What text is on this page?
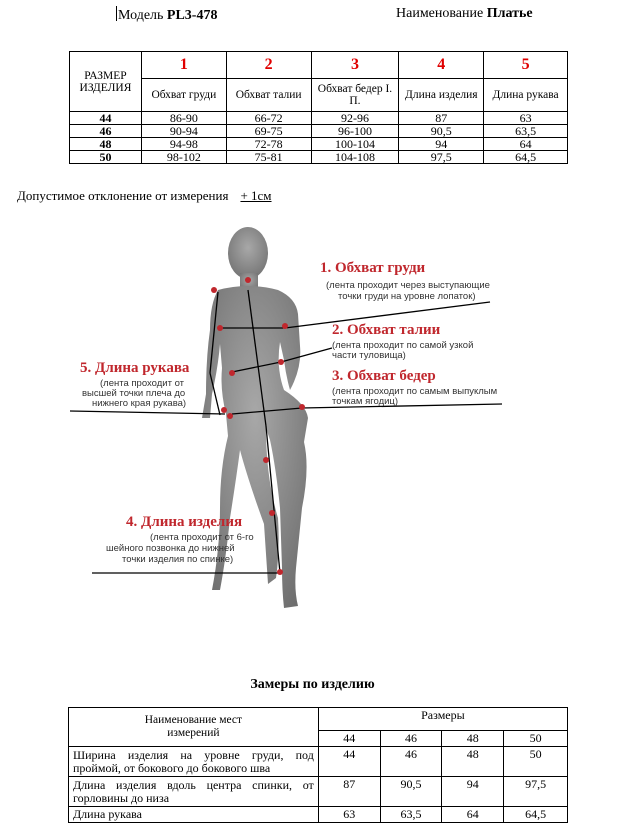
Модель PL3-478	Наименование Платье
РАЗМЕР ИЗДЕЛИЯ	1	2	3	4	5
	Обхват груди	Обхват талии	Обхват бедер І. П.	Длина изделия	Длина рукава
44	86-90	66-72	92-96	87	63
46	90-94	69-75	96-100	90,5	63,5
48	94-98	72-78	100-104	94	64
50	98-102	75-81	104-108	97,5	64,5
Допустимое отклонение от измерения + 1см
1. Обхват груди
(лента проходит через выступающие
точки груди на уровне лопаток)
2. Обхват талии
(лента проходит по самой узкой
части туловища)
3. Обхват бедер
(лента проходит по самым выпуклым
точкам ягодиц)
5. Длина рукава
(лента проходит от
высшей точки плеча до
нижнего края рукава)
4. Длина изделия
(лента проходит от 6-го
шейного позвонка до нижней
точки изделия по спинке)
Замеры по изделию
Наименование мест измерений	Размеры			
	44	46	48	50
Ширина изделия на уровне груди, под проймой, от бокового до бокового шва	44	46	48	50
Длина изделия вдоль центра спинки, от горловины до низа	87	90,5	94	97,5
Длина рукава	63	63,5	64	64,5
